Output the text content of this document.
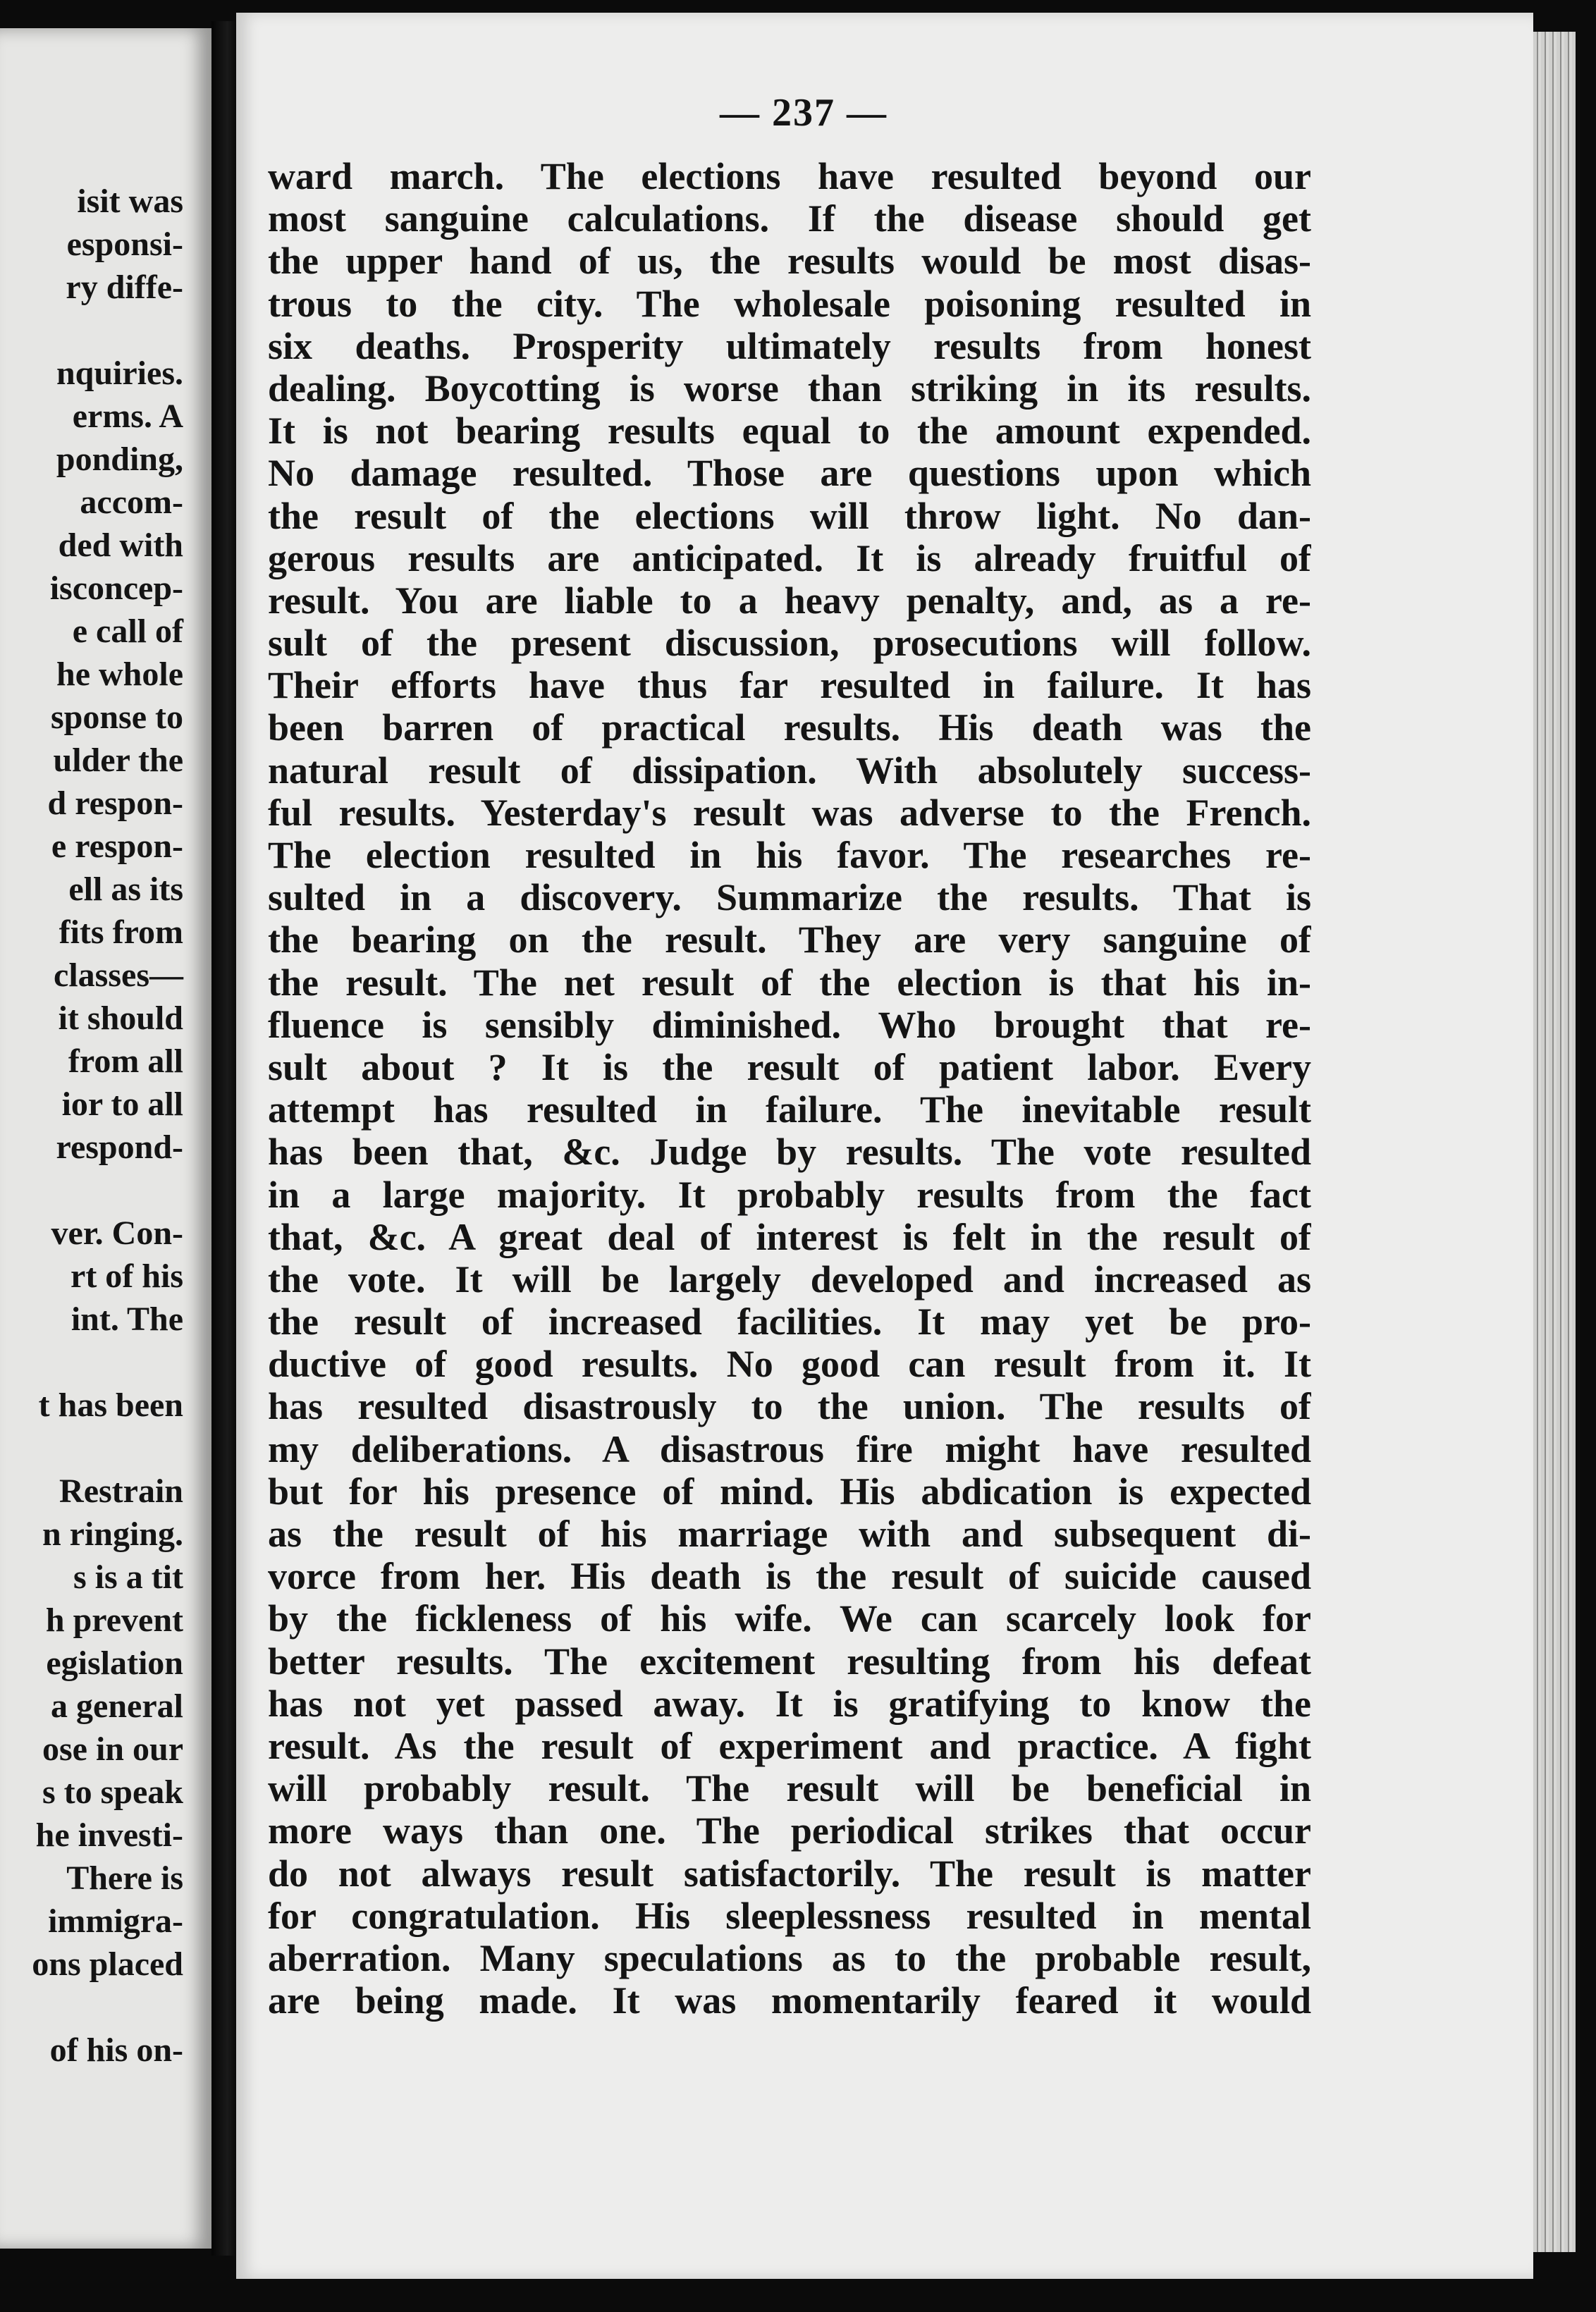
isit was
esponsi-
ry diffe-
nquiries.
erms. A
ponding,
accom-
ded with
isconcep-
e call of
he whole
sponse to
ulder the
d respon-
e respon-
ell as its
fits from
classes—
it should
from all
ior to all
respond-
ver. Con-
rt of his
int. The
t has been
Restrain
n ringing.
s is a tit
h prevent
egislation
a general
ose in our
s to speak
he investi-
There is
immigra-
ons placed
of his on-
— 237 —
ward march. The elections have resulted beyond our
most sanguine calculations. If the disease should get
the upper hand of us, the results would be most disas-
trous to the city. The wholesale poisoning resulted in
six deaths. Prosperity ultimately results from honest
dealing. Boycotting is worse than striking in its results.
It is not bearing results equal to the amount expended.
No damage resulted. Those are questions upon which
the result of the elections will throw light. No dan-
gerous results are anticipated. It is already fruitful of
result. You are liable to a heavy penalty, and, as a re-
sult of the present discussion, prosecutions will follow.
Their efforts have thus far resulted in failure. It has
been barren of practical results. His death was the
natural result of dissipation. With absolutely success-
ful results. Yesterday's result was adverse to the French.
The election resulted in his favor. The researches re-
sulted in a discovery. Summarize the results. That is
the bearing on the result. They are very sanguine of
the result. The net result of the election is that his in-
fluence is sensibly diminished. Who brought that re-
sult about ? It is the result of patient labor. Every
attempt has resulted in failure. The inevitable result
has been that, &c. Judge by results. The vote resulted
in a large majority. It probably results from the fact
that, &c. A great deal of interest is felt in the result of
the vote. It will be largely developed and increased as
the result of increased facilities. It may yet be pro-
ductive of good results. No good can result from it. It
has resulted disastrously to the union. The results of
my deliberations. A disastrous fire might have resulted
but for his presence of mind. His abdication is expected
as the result of his marriage with and subsequent di-
vorce from her. His death is the result of suicide caused
by the fickleness of his wife. We can scarcely look for
better results. The excitement resulting from his defeat
has not yet passed away. It is gratifying to know the
result. As the result of experiment and practice. A fight
will probably result. The result will be beneficial in
more ways than one. The periodical strikes that occur
do not always result satisfactorily. The result is matter
for congratulation. His sleeplessness resulted in mental
aberration. Many speculations as to the probable result,
are being made. It was momentarily feared it would
